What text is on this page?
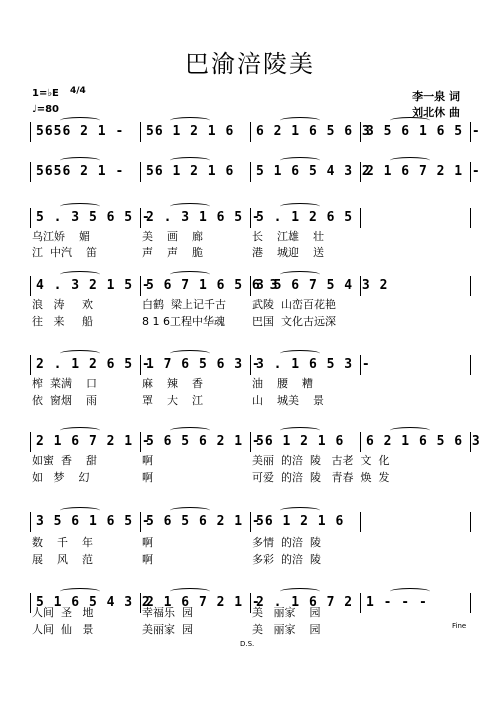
巴渝涪陵美
李一泉 词
刘北休 曲
1=♭E 4/4
♩=80
5656 2 1 - 56 1 2 1 6 6 2 1 6 5 6 3
3 5 6 1 6 5 -
5656 2 1 - 56 1 2 1 6 5 1 6 5 4 3 2
2 1 6 7 2 1 -
5 . 3 5 6 5 -
2 . 3 1 6 5 -
5 . 1 2 6 5
4 . 3 2 1 5 -
5 6 7 1 6 5 6 3
3 5 6 7 5 4 3 2
2 . 1 2 6 5 -
1 7 6 5 6 3 -
3 . 1 6 5 3 -
2 1 6 7 2 1 -
5 6 5 6 2 1 -
56 1 2 1 6 6 2 1 6 5 6 3
3 5 6 1 6 5 -
5 6 5 6 2 1 -
56 1 2 1 6
5 1 6 5 4 3 2
2 1 6 7 2 1 -
2 . 1 6 7 2 1 - - -
乌江娇    媚	美    画    廊	长    江雄    壮
江  中汽    笛	声    声    脆	港    城迎    送
浪   涛     欢	白鹤  梁上记千古	武陵  山峦百花艳
往   来     船	8 1 6工程中华魂	巴国  文化古远深
榨  菜满    口	麻    辣    香	油    腰    糟
依  窗烟    雨	罩    大    江	山    城美    景
如蜜  香    甜	啊	美丽  的涪  陵   古老  文  化
如   梦    幻	啊	可爱  的涪  陵   青春  焕  发
数    千    年	啊	多情  的涪  陵
展    风    范	啊	多彩  的涪  陵
人间  圣   地	幸福乐  园	美   丽家    园
人间  仙   景	美丽家  园	美   丽家    园	Fine
D.S.
